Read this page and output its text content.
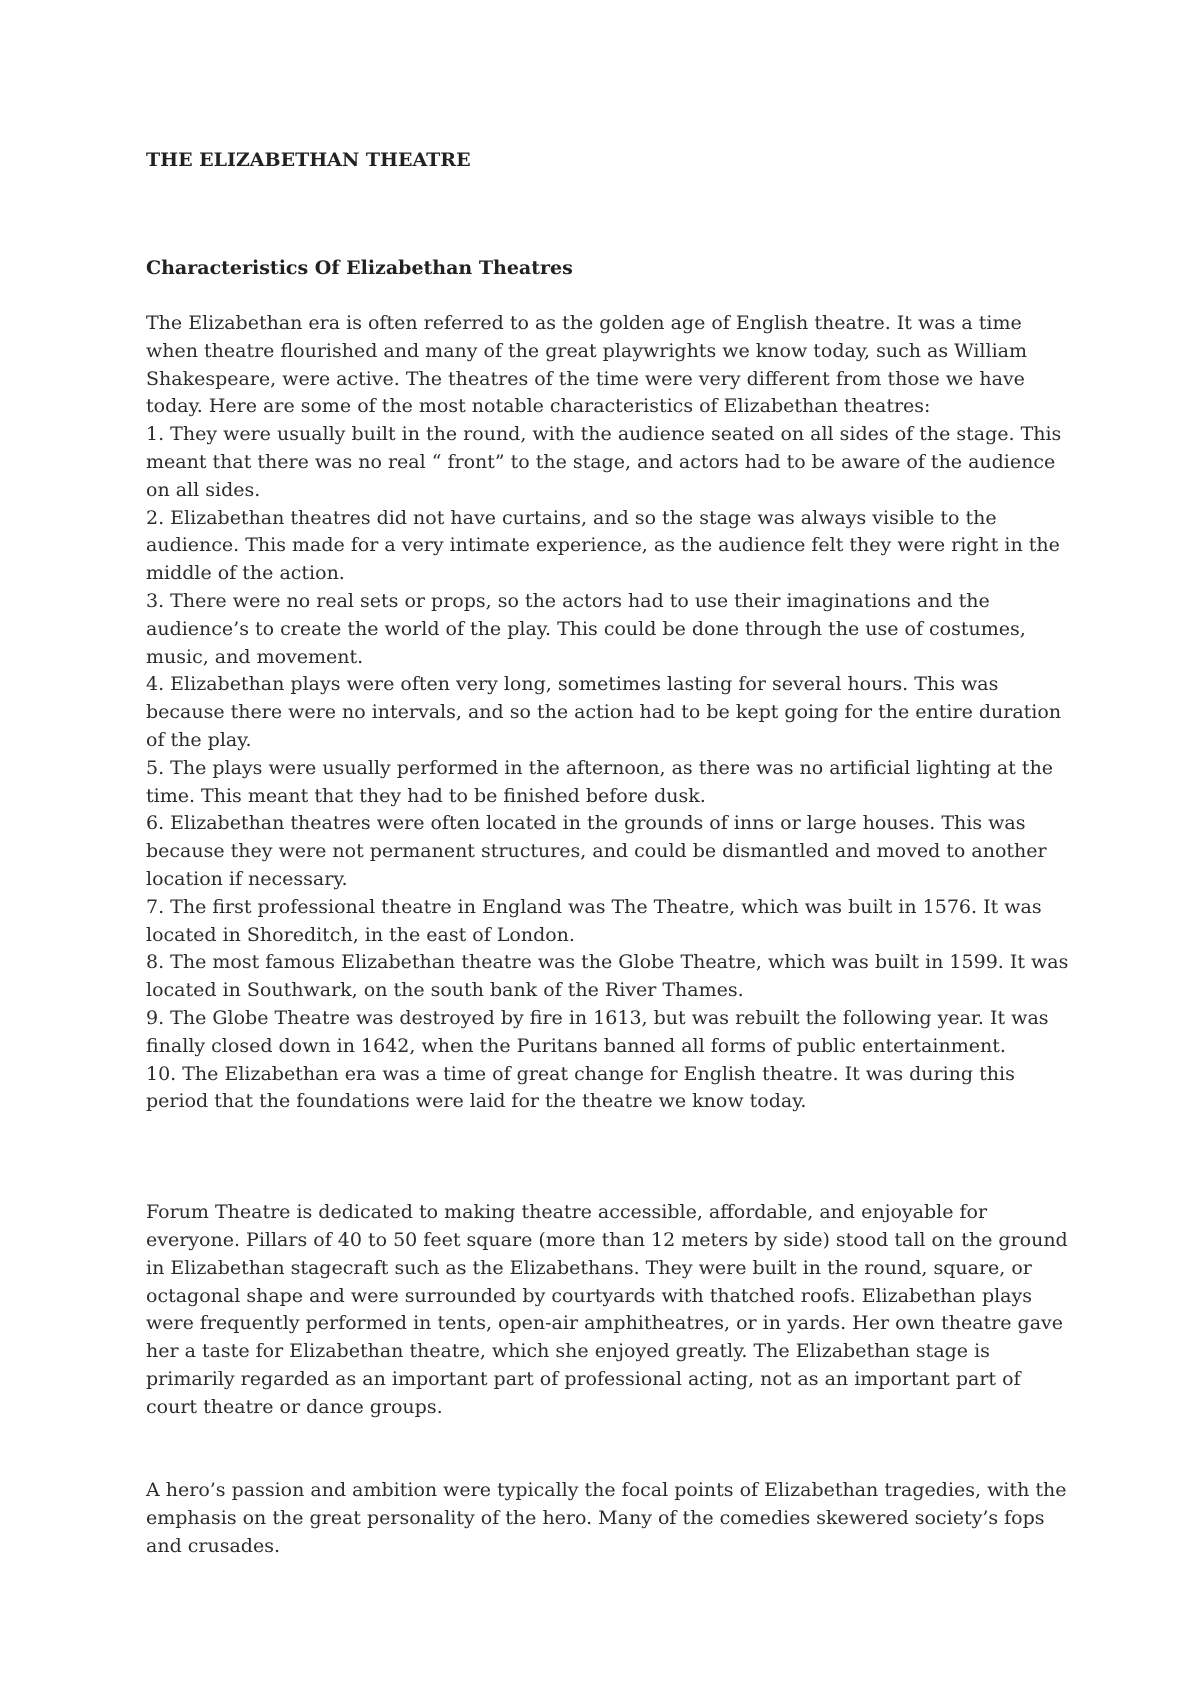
THE ELIZABETHAN THEATRE
Characteristics Of Elizabethan Theatres

The Elizabethan era is often referred to as the golden age of English theatre. It was a time when theatre flourished and many of the great playwrights we know today, such as William Shakespeare, were active. The theatres of the time were very different from those we have today. Here are some of the most notable characteristics of Elizabethan theatres:

1. They were usually built in the round, with the audience seated on all sides of the stage. This meant that there was no real “ front” to the stage, and actors had to be aware of the audience on all sides.
2. Elizabethan theatres did not have curtains, and so the stage was always visible to the audience. This made for a very intimate experience, as the audience felt they were right in the middle of the action.
3. There were no real sets or props, so the actors had to use their imaginations and the audience’s to create the world of the play. This could be done through the use of costumes, music, and movement.
4. Elizabethan plays were often very long, sometimes lasting for several hours. This was because there were no intervals, and so the action had to be kept going for the entire duration of the play.
5. The plays were usually performed in the afternoon, as there was no artificial lighting at the time. This meant that they had to be finished before dusk.
6. Elizabethan theatres were often located in the grounds of inns or large houses. This was because they were not permanent structures, and could be dismantled and moved to another location if necessary.
7. The first professional theatre in England was The Theatre, which was built in 1576. It was located in Shoreditch, in the east of London.
8. The most famous Elizabethan theatre was the Globe Theatre, which was built in 1599. It was located in Southwark, on the south bank of the River Thames.
9. The Globe Theatre was destroyed by fire in 1613, but was rebuilt the following year. It was finally closed down in 1642, when the Puritans banned all forms of public entertainment.
10. The Elizabethan era was a time of great change for English theatre. It was during this period that the foundations were laid for the theatre we know today.

Forum Theatre is dedicated to making theatre accessible, affordable, and enjoyable for everyone. Pillars of 40 to 50 feet square (more than 12 meters by side) stood tall on the ground in Elizabethan stagecraft such as the Elizabethans. They were built in the round, square, or octagonal shape and were surrounded by courtyards with thatched roofs. Elizabethan plays were frequently performed in tents, open-air amphitheatres, or in yards. Her own theatre gave her a taste for Elizabethan theatre, which she enjoyed greatly. The Elizabethan stage is primarily regarded as an important part of professional acting, not as an important part of court theatre or dance groups.

A hero’s passion and ambition were typically the focal points of Elizabethan tragedies, with the emphasis on the great personality of the hero. Many of the comedies skewered society’s fops and crusades.
